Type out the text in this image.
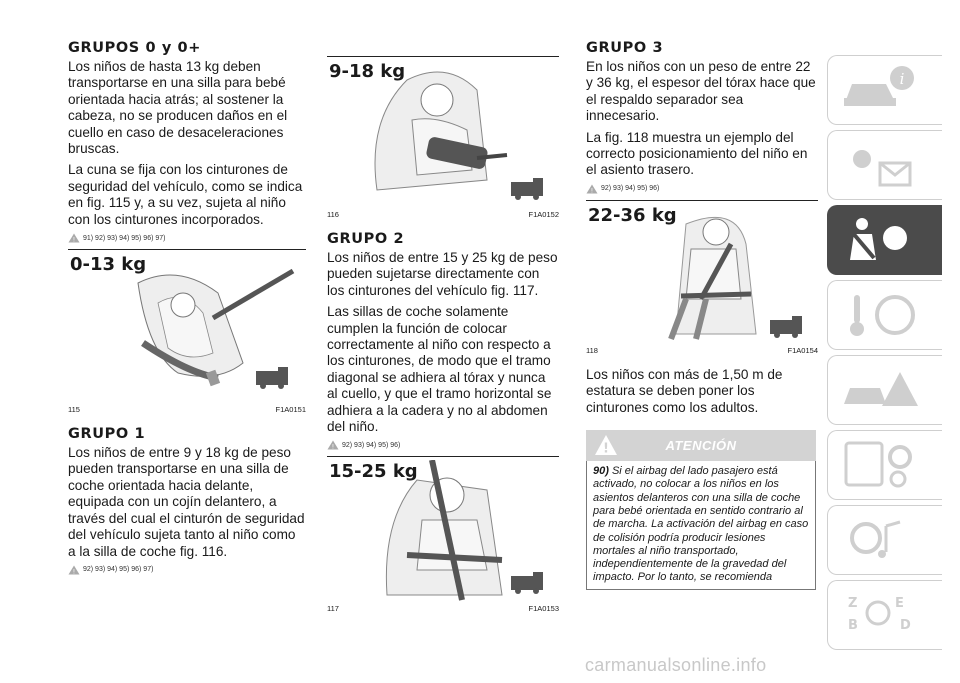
GRUPOS 0 y 0+

Los niños de hasta 13 kg deben transportarse en una silla para bebé orientada hacia atrás; al sostener la cabeza, no se producen daños en el cuello en caso de desaceleraciones bruscas.

La cuna se fija con los cinturones de seguridad del vehículo, como se indica en fig. 115 y, a su vez, sujeta al niño con los cinturones incorporados.

! 91) 92) 93) 94) 95) 96) 97)
0-13 kg
115	F1A0151
GRUPO 1

Los niños de entre 9 y 18 kg de peso pueden transportarse en una silla de coche orientada hacia delante, equipada con un cojín delantero, a través del cual el cinturón de seguridad del vehículo sujeta tanto al niño como a la silla de coche fig. 116.

! 92) 93) 94) 95) 96) 97)
9-18 kg
116	F1A0152
GRUPO 2

Los niños de entre 15 y 25 kg de peso pueden sujetarse directamente con los cinturones del vehículo fig. 117.

Las sillas de coche solamente cumplen la función de colocar correctamente al niño con respecto a los cinturones, de modo que el tramo diagonal se adhiera al tórax y nunca al cuello, y que el tramo horizontal se adhiera a la cadera y no al abdomen del niño.

! 92) 93) 94) 95) 96)
15-25 kg
117	F1A0153
GRUPO 3

En los niños con un peso de entre 22 y 36 kg, el espesor del tórax hace que el respaldo separador sea innecesario.

La fig. 118 muestra un ejemplo del correcto posicionamiento del niño en el asiento trasero.

! 92) 93) 94) 95) 96)
22-36 kg
118	F1A0154

Los niños con más de 1,50 m de estatura se deben poner los cinturones como los adultos.

!	ATENCIÓN
90) Si el airbag del lado pasajero está activado, no colocar a los niños en los asientos delanteros con una silla de coche para bebé orientada en sentido contrario al de marcha. La activación del airbag en caso de colisión podría producir lesiones mortales al niño transportado, independientemente de la gravedad del impacto. Por lo tanto, se recomienda
i
Z	E
B	D
carmanualsonline.info
